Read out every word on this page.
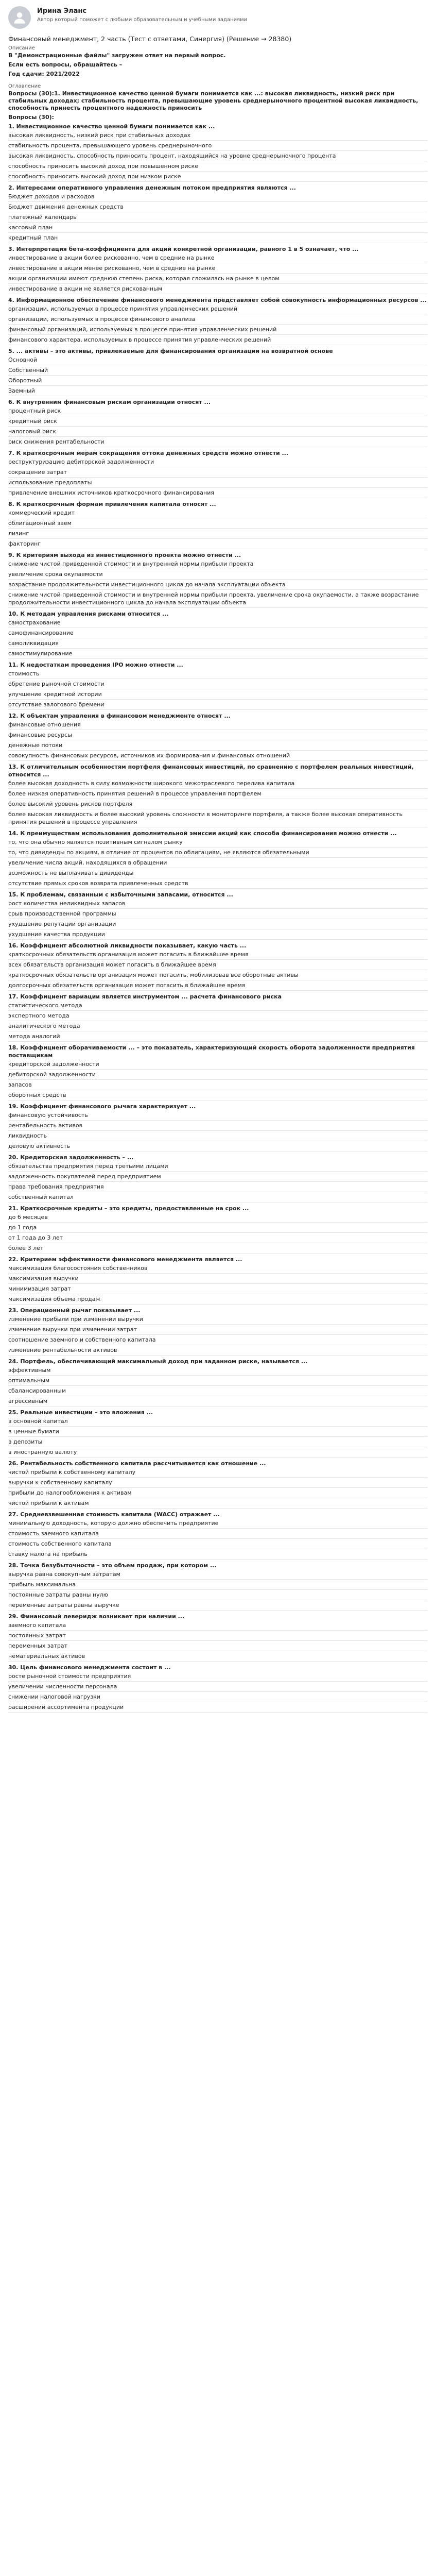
Ирина Эланс
Автор который поможет с любыми образовательным и учебными заданиями
Финансовый менеджмент, 2 часть (Тест с ответами, Синергия) (Решение → 28380)
Описание
В "Демонстрационные файлы" загружен ответ на первый вопрос.
Если есть вопросы, обращайтесь –
Год сдачи: 2021/2022
Оглавление
Вопросы (30):1. Инвестиционное качество ценной бумаги понимается как ...: высокая ликвидность, низкий риск при стабильных доходах; стабильность процента, превышающие уровень среднерыночного процентной высокая ликвидность, способность принесть процентного надежность приносить
Вопросы (30):
1. Инвестиционное качество ценной бумаги понимается как ...
высокая ликвидность, низкий риск при стабильных доходах
стабильность процента, превышающего уровень среднерыночного
высокая ликвидность, способность приносить процент, находящийся на уровне среднерыночного процента
способность приносить высокий доход при повышенном риске
способность приносить высокий доход при низком риске
2. Интересами оперативного управления денежным потоком предприятия являются ...
Бюджет доходов и расходов
Бюджет движения денежных средств
платежный календарь
кассовый план
кредитный план
3. Интерпретация бета-коэффициента для акций конкретной организации, равного 1 в 5 означает, что ...
инвестирование в акции более рискованно, чем в средние на рынке
инвестирование в акции менее рискованно, чем в средние на рынке
акции организации имеют среднюю степень риска, которая сложилась на рынке в целом
инвестирование в акции не является рискованным
4. Информационное обеспечение финансового менеджмента представляет собой совокупность информационных ресурсов ...
организации, используемых в процессе принятия управленческих решений
организации, используемых в процессе финансового анализа
финансовый организаций, используемых в процессе принятия управленческих решений
финансового характера, используемых в процессе принятия управленческих решений
5. ... активы – это активы, привлекаемые для финансирования организации на возвратной основе
Основной
Собственный
Оборотный
Заемный
6. К внутренним финансовым рискам организации относят ...
процентный риск
кредитный риск
налоговый риск
риск снижения рентабельности
7. К краткосрочным мерам сокращения оттока денежных средств можно отнести ...
реструктуризацию дебиторской задолженности
сокращение затрат
использование предоплаты
привлечение внешних источников краткосрочного финансирования
8. К краткосрочным формам привлечения капитала относят ...
коммерческий кредит
облигационный заем
лизинг
факторинг
9. К критериям выхода из инвестиционного проекта можно отнести ...
снижение чистой приведенной стоимости и внутренней нормы прибыли проекта
увеличение срока окупаемости
возрастание продолжительности инвестиционного цикла до начала эксплуатации объекта
снижение чистой приведенной стоимости и внутренней нормы прибыли проекта, увеличение срока окупаемости, а также возрастание продолжительности инвестиционного цикла до начала эксплуатации объекта
10. К методам управления рисками относится ...
самострахование
самофинансирование
самоликвидация
самостимулирование
11. К недостаткам проведения IPO можно отнести ...
стоимость
обретение рыночной стоимости
улучшение кредитной истории
отсутствие залогового бремени
12. К объектам управления в финансовом менеджменте относят ...
финансовые отношения
финансовые ресурсы
денежные потоки
совокупность финансовых ресурсов, источников их формирования и финансовых отношений
13. К отличительным особенностям портфеля финансовых инвестиций, по сравнению с портфелем реальных инвестиций, относится ...
более высокая доходность в силу возможности широкого межотраслевого перелива капитала
более низкая оперативность принятия решений в процессе управления портфелем
более высокий уровень рисков портфеля
более высокая ликвидность и более высокий уровень сложности в мониторинге портфеля, а также более высокая оперативность принятия решений в процессе управления
14. К преимуществам использования дополнительной эмиссии акций как способа финансирования можно отнести ...
то, что она обычно является позитивным сигналом рынку
то, что дивиденды по акциям, в отличие от процентов по облигациям, не являются обязательными
увеличение числа акций, находящихся в обращении
возможность не выплачивать дивиденды
отсутствие прямых сроков возврата привлеченных средств
15. К проблемам, связанным с избыточными запасами, относится ...
рост количества неликвидных запасов
срыв производственной программы
ухудшение репутации организации
ухудшение качества продукции
16. Коэффициент абсолютной ликвидности показывает, какую часть ...
краткосрочных обязательств организация может погасить в ближайшее время
всех обязательств организация может погасить в ближайшее время
краткосрочных обязательств организация может погасить, мобилизовав все оборотные активы
долгосрочных обязательств организация может погасить в ближайшее время
17. Коэффициент вариации является инструментом ... расчета финансового риска
статистического метода
экспертного метода
аналитического метода
метода аналогий
18. Коэффициент оборачиваемости ... – это показатель, характеризующий скорость оборота задолженности предприятия поставщикам
кредиторской задолженности
дебиторской задолженности
запасов
оборотных средств
19. Коэффициент финансового рычага характеризует ...
финансовую устойчивость
рентабельность активов
ликвидность
деловую активность
20. Кредиторская задолженность – ...
обязательства предприятия перед третьими лицами
задолженность покупателей перед предприятием
права требования предприятия
собственный капитал
21. Краткосрочные кредиты – это кредиты, предоставленные на срок ...
до 6 месяцев
до 1 года
от 1 года до 3 лет
более 3 лет
22. Критерием эффективности финансового менеджмента является ...
максимизация благосостояния собственников
максимизация выручки
минимизация затрат
максимизация объема продаж
23. Операционный рычаг показывает ...
изменение прибыли при изменении выручки
изменение выручки при изменении затрат
соотношение заемного и собственного капитала
изменение рентабельности активов
24. Портфель, обеспечивающий максимальный доход при заданном риске, называется ...
эффективным
оптимальным
сбалансированным
агрессивным
25. Реальные инвестиции – это вложения ...
в основной капитал
в ценные бумаги
в депозиты
в иностранную валюту
26. Рентабельность собственного капитала рассчитывается как отношение ...
чистой прибыли к собственному капиталу
выручки к собственному капиталу
прибыли до налогообложения к активам
чистой прибыли к активам
27. Средневзвешенная стоимость капитала (WACC) отражает ...
минимальную доходность, которую должно обеспечить предприятие
стоимость заемного капитала
стоимость собственного капитала
ставку налога на прибыль
28. Точка безубыточности – это объем продаж, при котором ...
выручка равна совокупным затратам
прибыль максимальна
постоянные затраты равны нулю
переменные затраты равны выручке
29. Финансовый леверидж возникает при наличии ...
заемного капитала
постоянных затрат
переменных затрат
нематериальных активов
30. Цель финансового менеджмента состоит в ...
росте рыночной стоимости предприятия
увеличении численности персонала
снижении налоговой нагрузки
расширении ассортимента продукции
